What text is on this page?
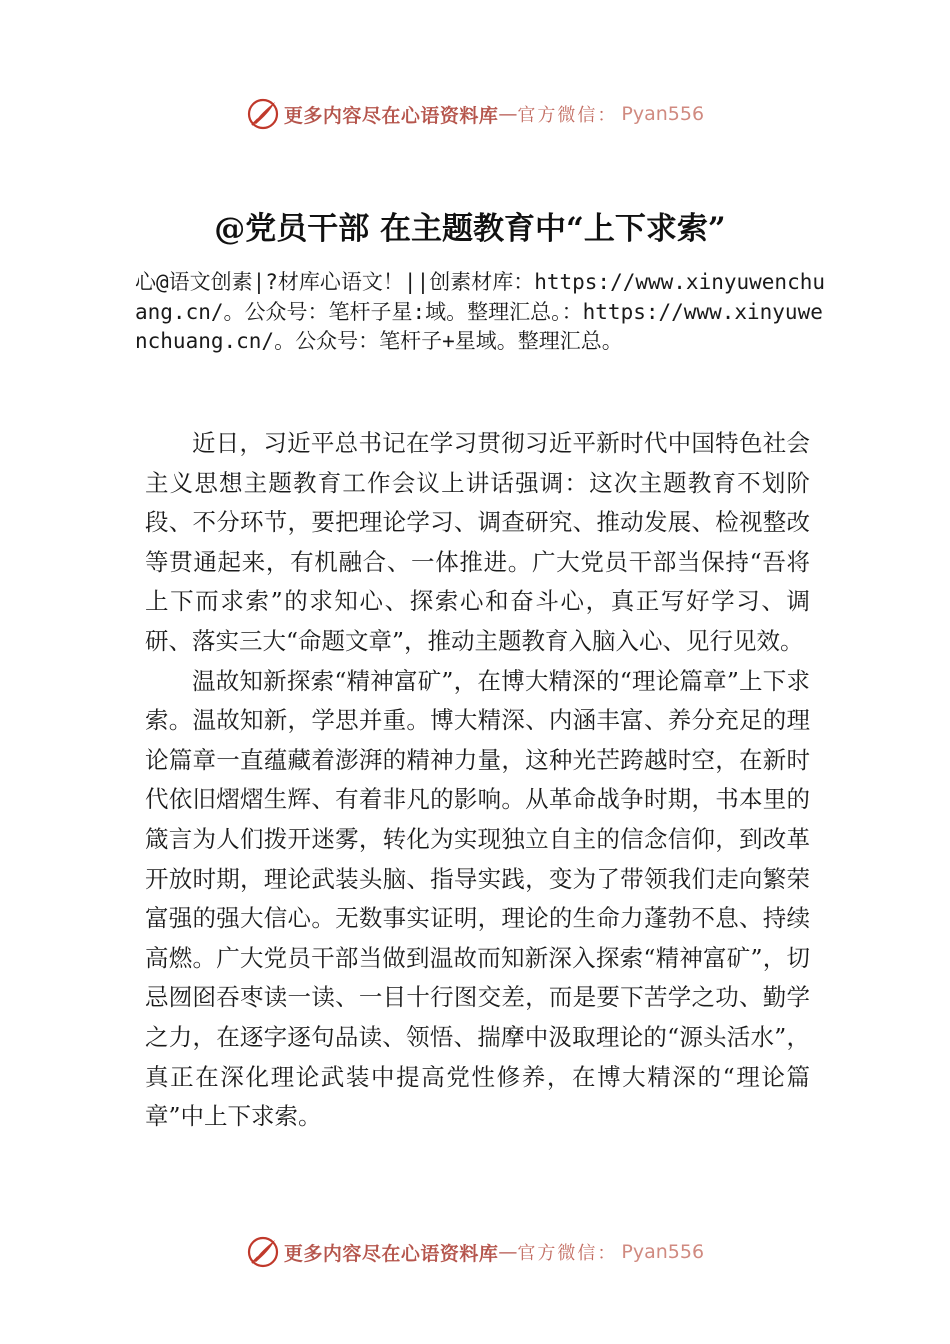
更多内容尽在心语资料库 — 官方微信： Pyan556
@党员干部 在主题教育中“上下求索”
心@语文创素|?材库心语文！||创素材库：https://www.xinyuwenchuang.cn/。公众号：笔杆子星:域。整理汇总。：https://www.xinyuwenchuang.cn/。公众号：笔杆子+星域。整理汇总。

近日，习近平总书记在学习贯彻习近平新时代中国特色社会主义思想主题教育工作会议上讲话强调：这次主题教育不划阶段、不分环节，要把理论学习、调查研究、推动发展、检视整改等贯通起来，有机融合、一体推进。广大党员干部当保持“吾将上下而求索”的求知心、探索心和奋斗心，真正写好学习、调研、落实三大“命题文章”，推动主题教育入脑入心、见行见效。

温故知新探索“精神富矿”，在博大精深的“理论篇章”上下求索。温故知新，学思并重。博大精深、内涵丰富、养分充足的理论篇章一直蕴藏着澎湃的精神力量，这种光芒跨越时空，在新时代依旧熠熠生辉、有着非凡的影响。从革命战争时期，书本里的箴言为人们拨开迷雾，转化为实现独立自主的信念信仰，到改革开放时期，理论武装头脑、指导实践，变为了带领我们走向繁荣富强的强大信心。无数事实证明，理论的生命力蓬勃不息、持续高燃。广大党员干部当做到温故而知新深入探索“精神富矿”，切忌囫囵吞枣读一读、一目十行图交差，而是要下苦学之功、勤学之力，在逐字逐句品读、领悟、揣摩中汲取理论的“源头活水”，真正在深化理论武装中提高党性修养，在博大精深的“理论篇章”中上下求索。

更多内容尽在心语资料库 — 官方微信： Pyan556
